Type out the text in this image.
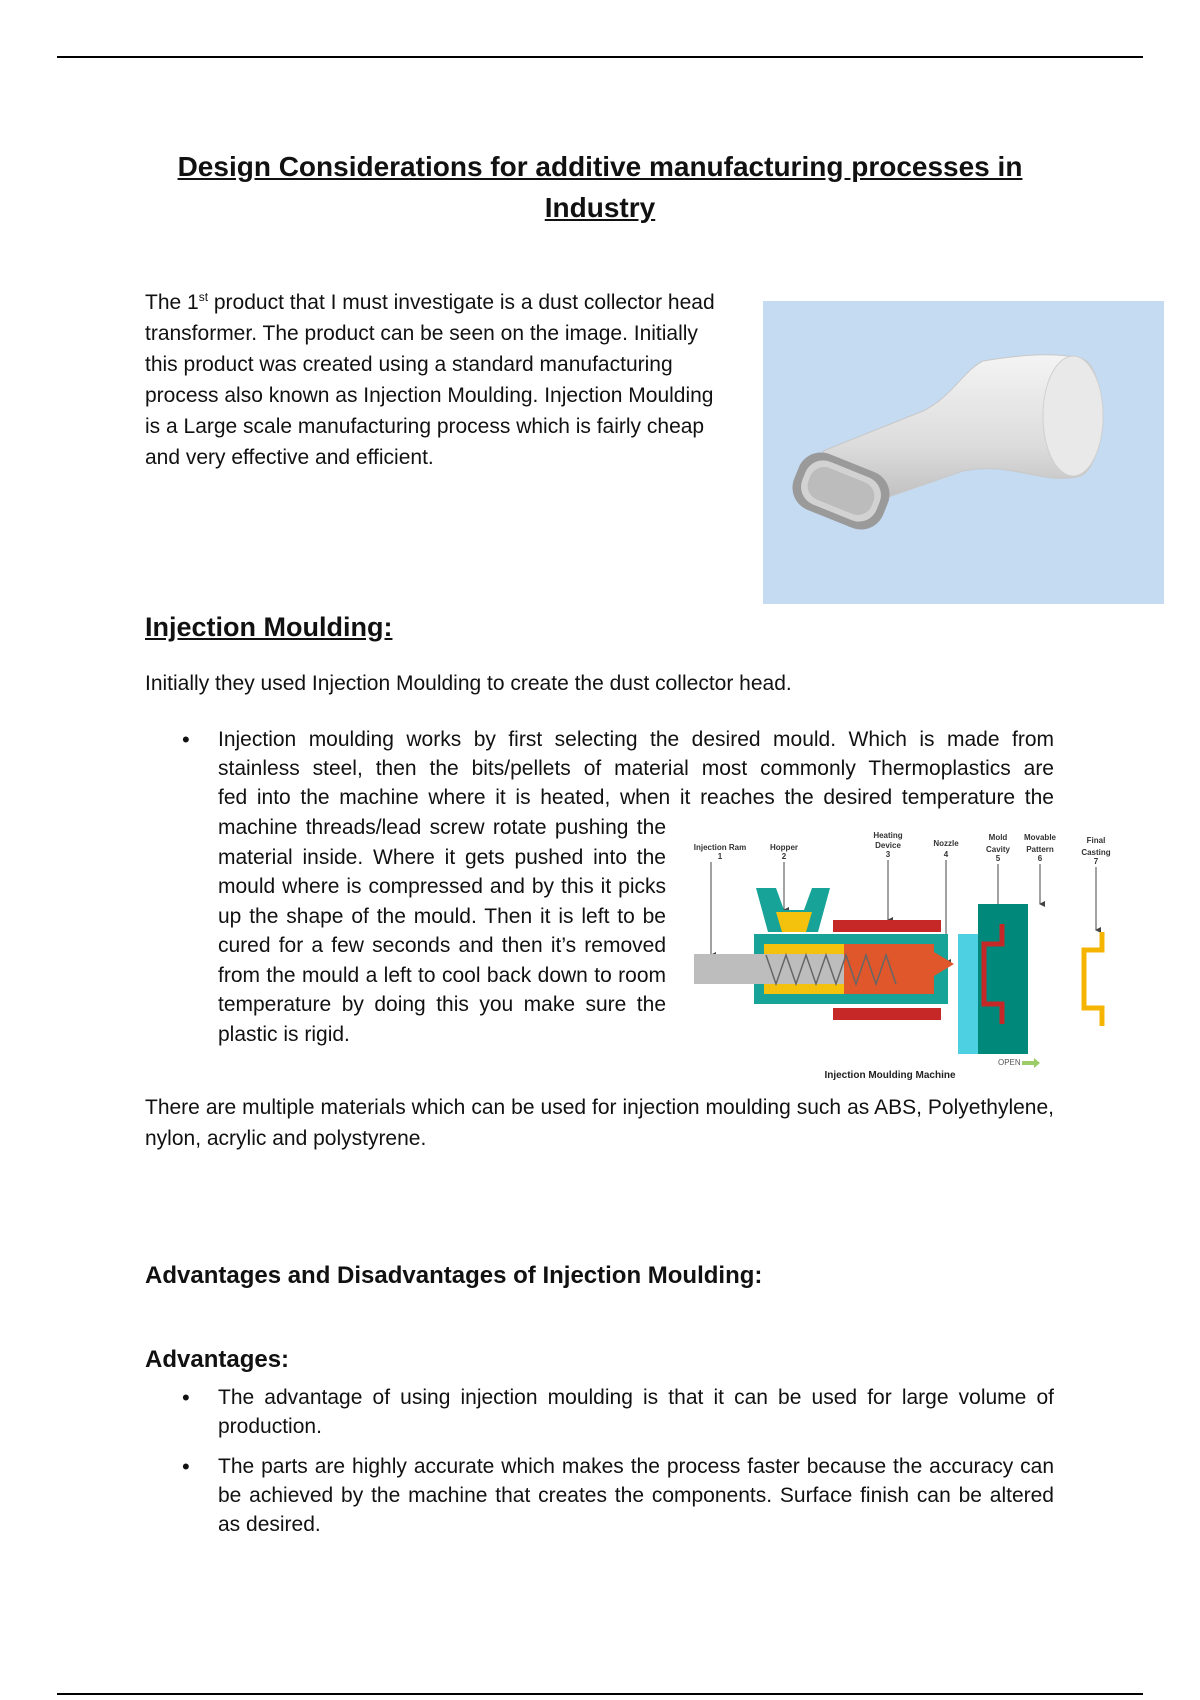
Design Considerations for additive manufacturing processes in Industry
The 1st product that I must investigate is a dust collector head transformer. The product can be seen on the image. Initially this product was created using a standard manufacturing process also known as Injection Moulding. Injection Moulding is a Large scale manufacturing process which is fairly cheap and very effective and efficient.
Injection Moulding:
Initially they used Injection Moulding to create the dust collector head.
• Injection moulding works by first selecting the desired mould. Which is made from
stainless steel, then the bits/pellets of material most commonly Thermoplastics are
fed into the machine where it is heated, when it reaches the desired temperature the
machine threads/lead screw rotate pushing the material inside. Where it gets pushed into the mould where is compressed and by this it picks up the shape of the mould. Then it is left to be cured for a few seconds and then it’s removed from the mould a left to cool back down to room temperature by doing this you make sure the plastic is rigid.
Injection Ram
1
Hopper
2
Heating
Device
3
Nozzle
4
Mold
Cavity
5
Movable
Pattern
6
Final
Casting
7
OPEN
Injection Moulding Machine
There are multiple materials which can be used for injection moulding such as ABS, Polyethylene, nylon, acrylic and polystyrene.
Advantages and Disadvantages of Injection Moulding:
Advantages:
• The advantage of using injection moulding is that it can be used for large volume of production.
• The parts are highly accurate which makes the process faster because the accuracy can be achieved by the machine that creates the components. Surface finish can be altered as desired.
